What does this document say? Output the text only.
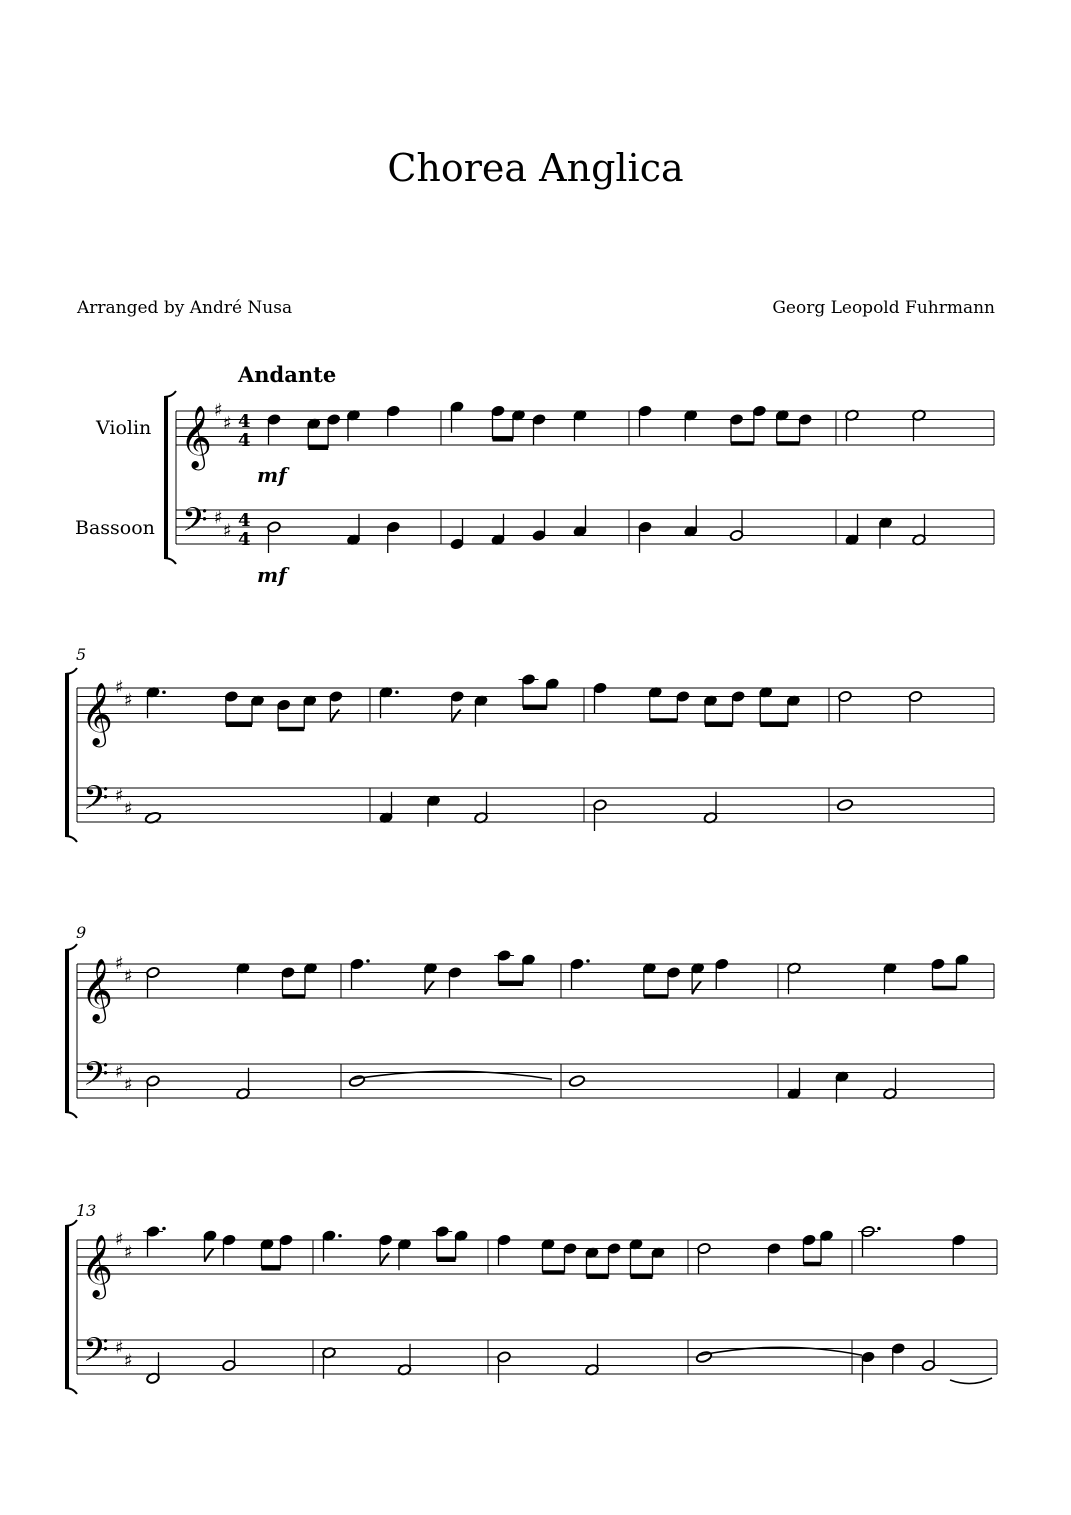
Chorea Anglica
Arranged by André Nusa	Georg Leopold Fuhrmann
Andante
Violin
Bassoon
5
9
13
𝄞
𝄢
♯
♯
♯
♯
4
4
4
4
𝄞
𝄢
♯
♯
♯
♯
𝄞
𝄢
♯
♯
♯
♯
𝄞
𝄢
♯
♯
♯
♯
mf
mf
